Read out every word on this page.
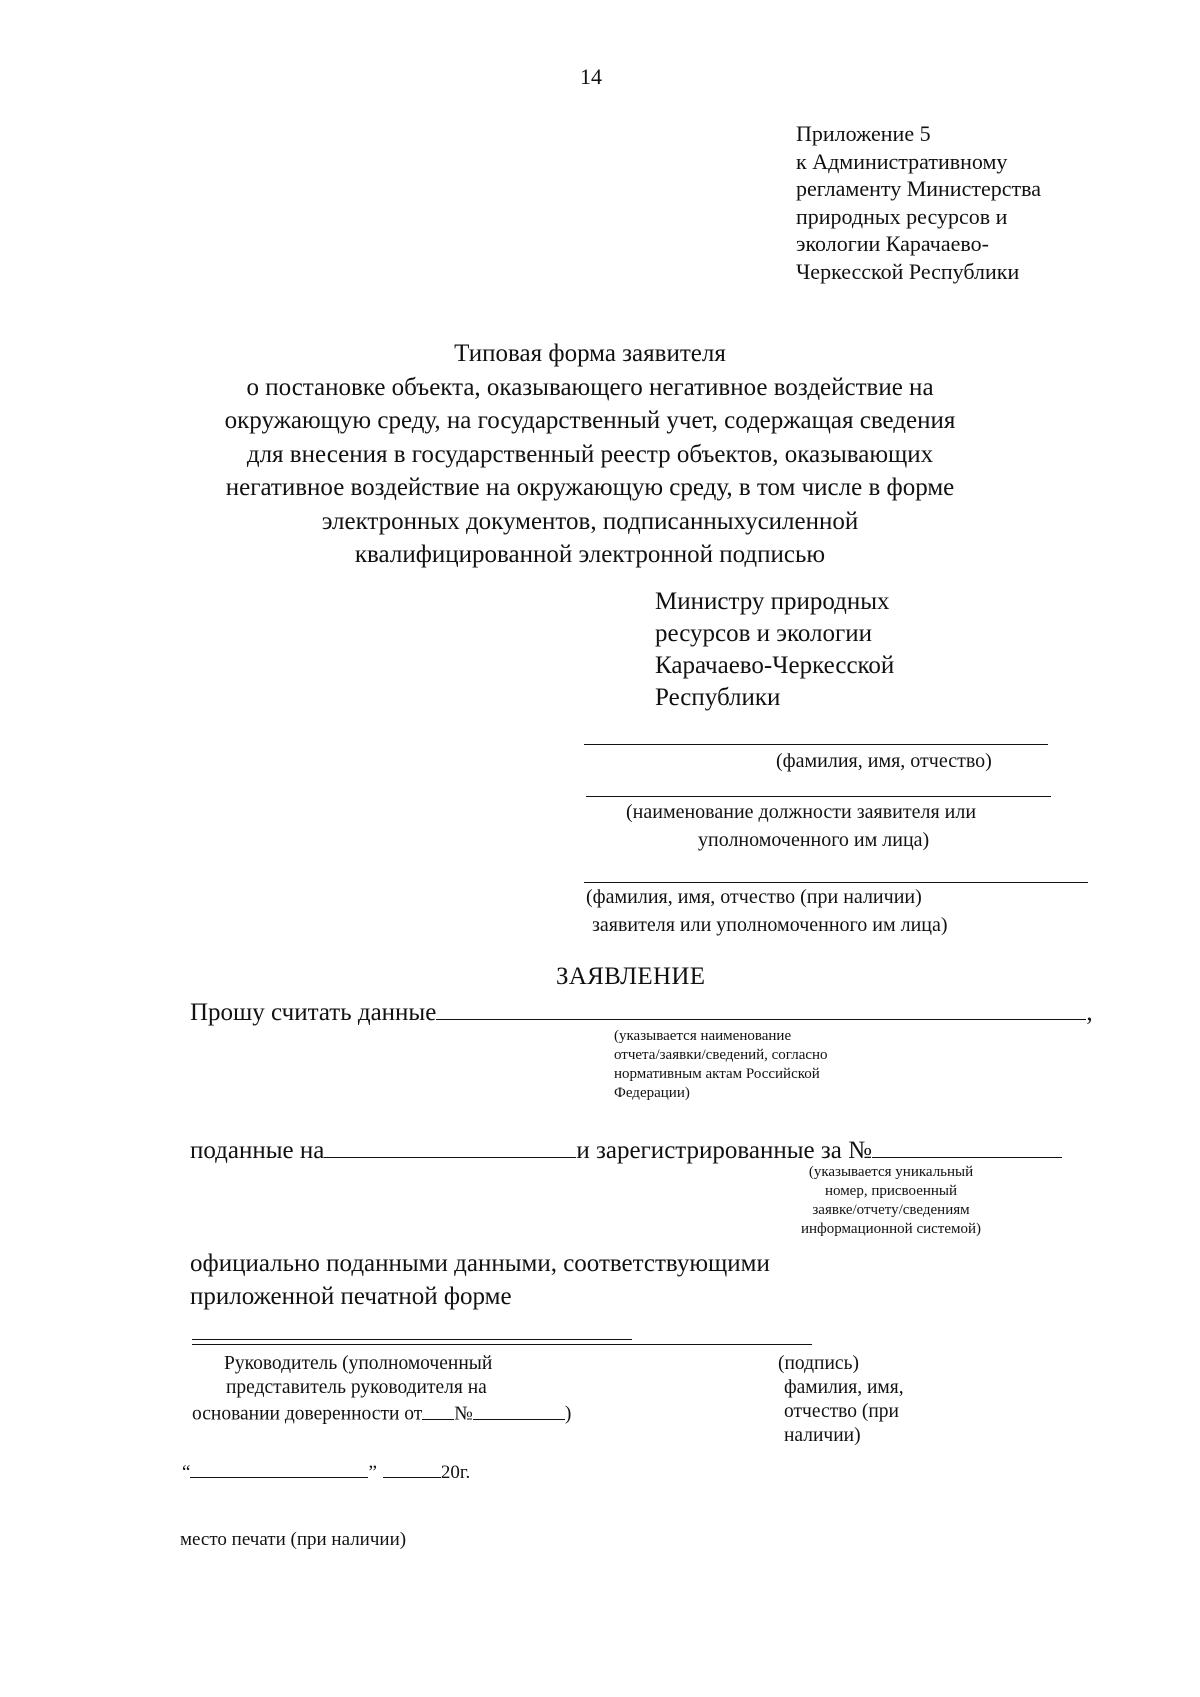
14
Приложение 5
к Административному
регламенту Министерства
природных ресурсов и
экологии Карачаево-
Черкесской Республики
Типовая форма заявителя
о постановке объекта, оказывающего негативное воздействие на
окружающую среду, на государственный учет, содержащая сведения
для внесения в государственный реестр объектов, оказывающих
негативное воздействие на окружающую среду, в том числе в форме
электронных документов, подписанныхусиленной
квалифицированной электронной подписью
Министру природных
ресурсов и экологии
Карачаево-Черкесской
Республики
(фамилия, имя, отчество)
(наименование должности заявителя или
уполномоченного им лица)
(фамилия, имя, отчество (при наличии)
заявителя или уполномоченного им лица)
ЗАЯВЛЕНИЕ
Прошу считать данные	,
(указывается наименование
отчета/заявки/сведений, согласно
нормативным актам Российской
Федерации)
поданные на	и зарегистрированные за №
(указывается уникальный
номер, присвоенный
заявке/отчету/сведениям
информационной системой)
официально поданными данными, соответствующими
приложенной печатной форме
Руководитель (уполномоченный
представитель руководителя на
основании доверенности от №	)
(подпись)
фамилия, имя,
отчество (при
наличии)
“	”	20г.
место печати (при наличии)
